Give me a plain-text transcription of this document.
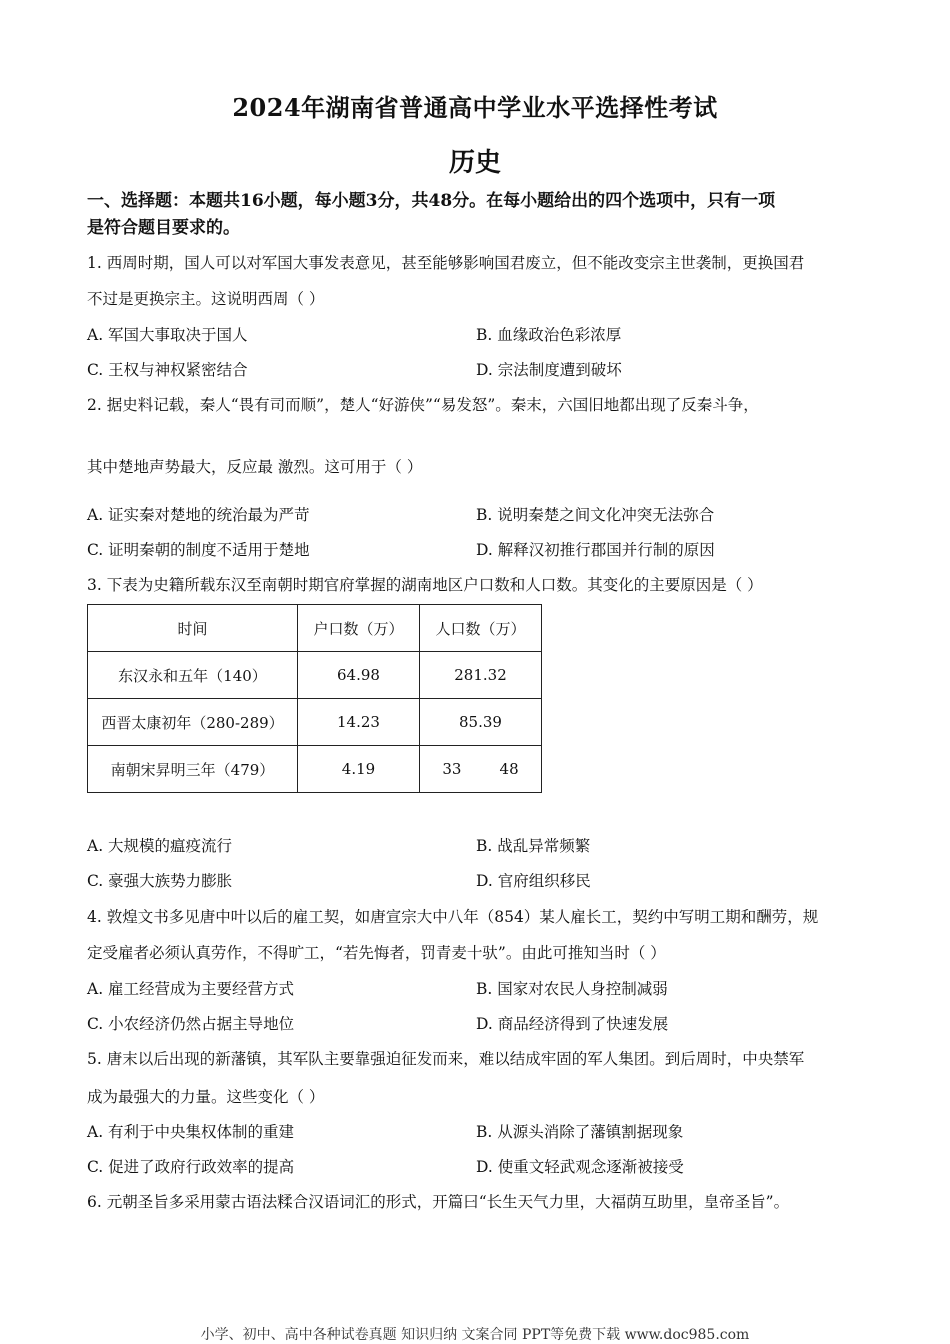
2024年湖南省普通高中学业水平选择性考试
历史
一、选择题：本题共16小题，每小题3分，共48分。在每小题给出的四个选项中，只有一项
是符合题目要求的。
1. 西周时期，国人可以对军国大事发表意见，甚至能够影响国君废立，但不能改变宗主世袭制，更换国君
不过是更换宗主。这说明西周（ ）
A. 军国大事取决于国人	B. 血缘政治色彩浓厚
C. 王权与神权紧密结合	D. 宗法制度遭到破坏
2. 据史料记载，秦人“畏有司而顺”，楚人“好游侠”“易发怒”。秦末，六国旧地都出现了反秦斗争，
其中楚地声势最大，反应最 激烈。这可用于（ ）
A. 证实秦对楚地的统治最为严苛	B. 说明秦楚之间文化冲突无法弥合
C. 证明秦朝的制度不适用于楚地	D. 解释汉初推行郡国并行制的原因
3. 下表为史籍所载东汉至南朝时期官府掌握的湖南地区户口数和人口数。其变化的主要原因是（ ）
时间	户口数（万）	人口数（万）
东汉永和五年（140）	64.98	281.32
西晋太康初年（280-289）	14.23	85.39
南朝宋昇明三年（479）	4.19	33        48
A. 大规模的瘟疫流行	B. 战乱异常频繁
C. 豪强大族势力膨胀	D. 官府组织移民
4. 敦煌文书多见唐中叶以后的雇工契，如唐宣宗大中八年（854）某人雇长工，契约中写明工期和酬劳，规
定受雇者必须认真劳作，不得旷工，“若先悔者，罚青麦十驮”。由此可推知当时（ ）
A. 雇工经营成为主要经营方式	B. 国家对农民人身控制减弱
C. 小农经济仍然占据主导地位	D. 商品经济得到了快速发展
5. 唐末以后出现的新藩镇，其军队主要靠强迫征发而来，难以结成牢固的军人集团。到后周时，中央禁军
成为最强大的力量。这些变化（ ）
A. 有利于中央集权体制的重建	B. 从源头消除了藩镇割据现象
C. 促进了政府行政效率的提高	D. 使重文轻武观念逐渐被接受
6. 元朝圣旨多采用蒙古语法糅合汉语词汇的形式，开篇曰“长生天气力里，大福荫互助里，皇帝圣旨”。
小学、初中、高中各种试卷真题 知识归纳 文案合同 PPT等免费下载 www.doc985.com
